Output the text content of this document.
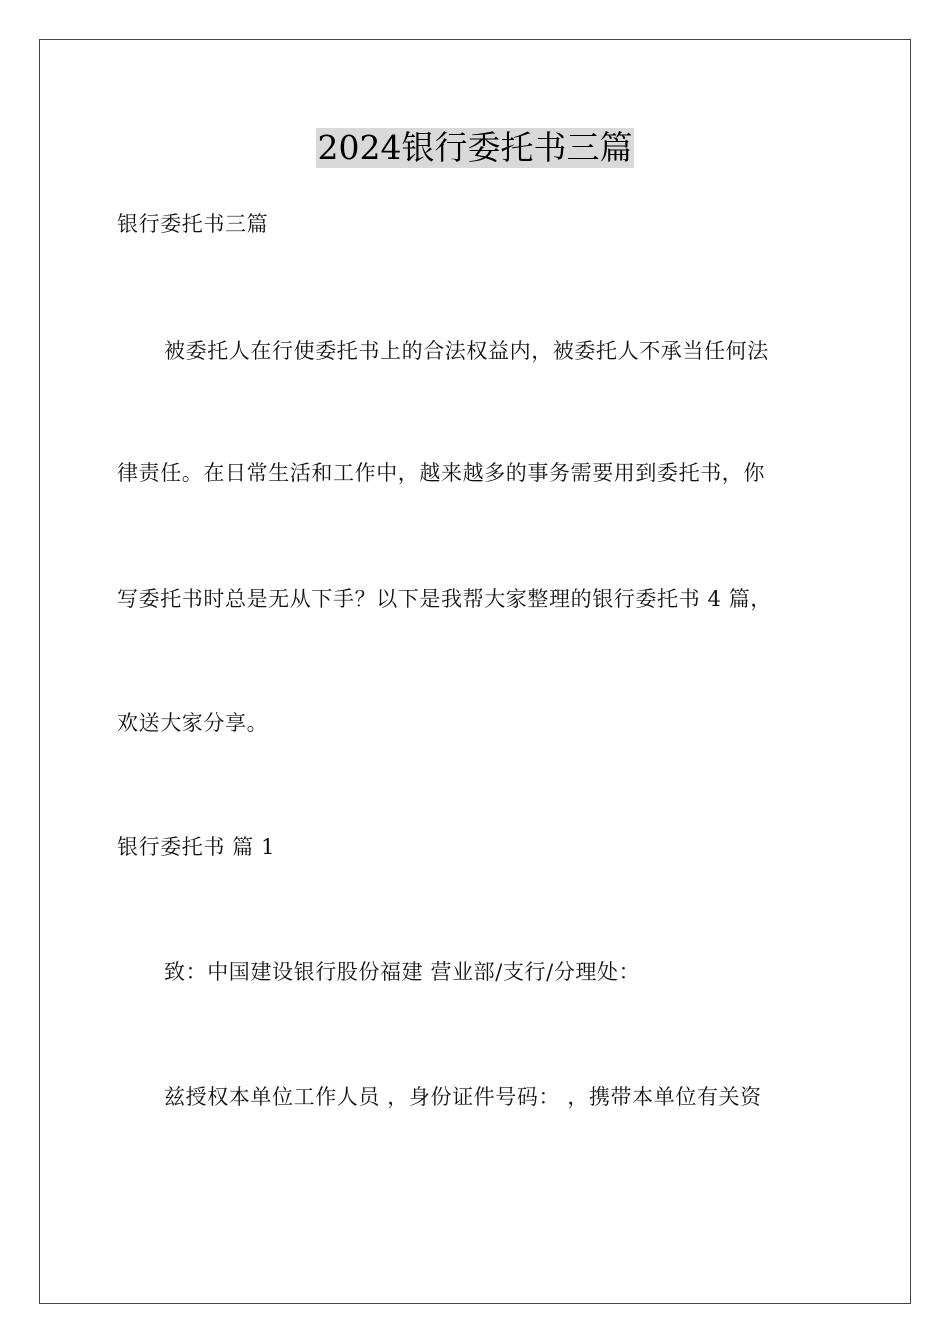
2024银行委托书三篇
银行委托书三篇
被委托人在行使委托书上的合法权益内，被委托人不承当任何法
律责任。在日常生活和工作中，越来越多的事务需要用到委托书，你
写委托书时总是无从下手？以下是我帮大家整理的银行委托书 4 篇，
欢送大家分享。
银行委托书 篇 1
致：中国建设银行股份福建 营业部/支行/分理处：
兹授权本单位工作人员 ，身份证件号码： ，携带本单位有关资
